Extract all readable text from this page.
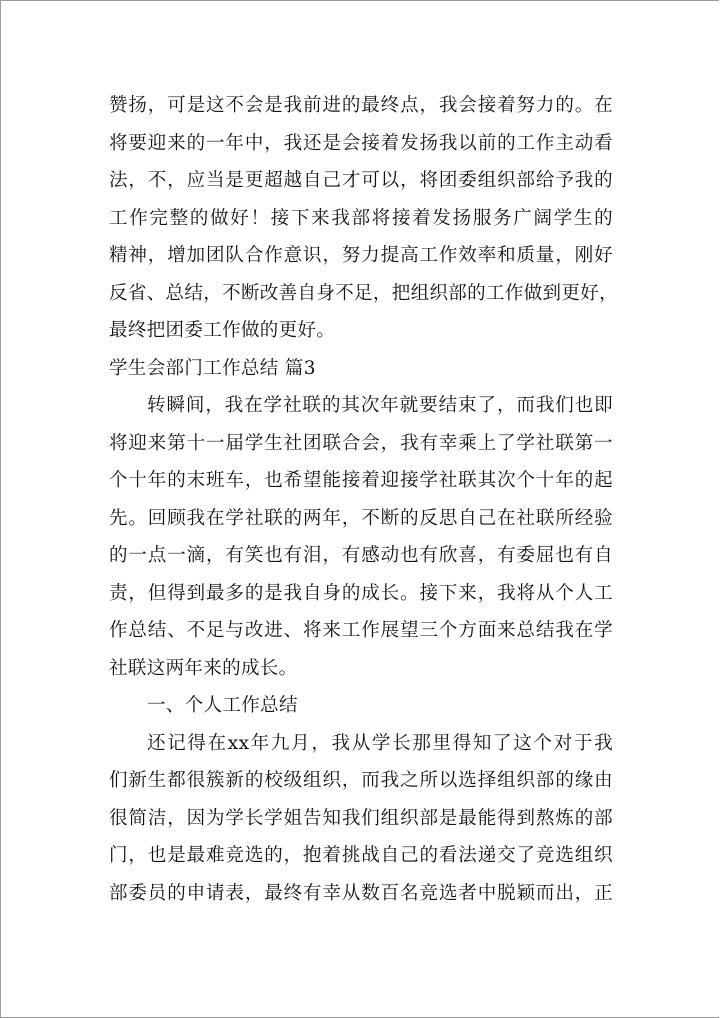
赞扬，可是这不会是我前进的最终点，我会接着努力的。在
将要迎来的一年中，我还是会接着发扬我以前的工作主动看
法，不，应当是更超越自己才可以，将团委组织部给予我的
工作完整的做好！接下来我部将接着发扬服务广阔学生的
精神，增加团队合作意识，努力提高工作效率和质量，刚好
反省、总结，不断改善自身不足，把组织部的工作做到更好，
最终把团委工作做的更好。
学生会部门工作总结 篇3
转瞬间，我在学社联的其次年就要结束了，而我们也即
将迎来第十一届学生社团联合会，我有幸乘上了学社联第一
个十年的末班车，也希望能接着迎接学社联其次个十年的起
先。回顾我在学社联的两年，不断的反思自己在社联所经验
的一点一滴，有笑也有泪，有感动也有欣喜，有委屈也有自
责，但得到最多的是我自身的成长。接下来，我将从个人工
作总结、不足与改进、将来工作展望三个方面来总结我在学
社联这两年来的成长。
一、个人工作总结
还记得在xx年九月，我从学长那里得知了这个对于我
们新生都很簇新的校级组织，而我之所以选择组织部的缘由
很简洁，因为学长学姐告知我们组织部是最能得到熬炼的部
门，也是最难竞选的，抱着挑战自己的看法递交了竞选组织
部委员的申请表，最终有幸从数百名竞选者中脱颖而出，正
